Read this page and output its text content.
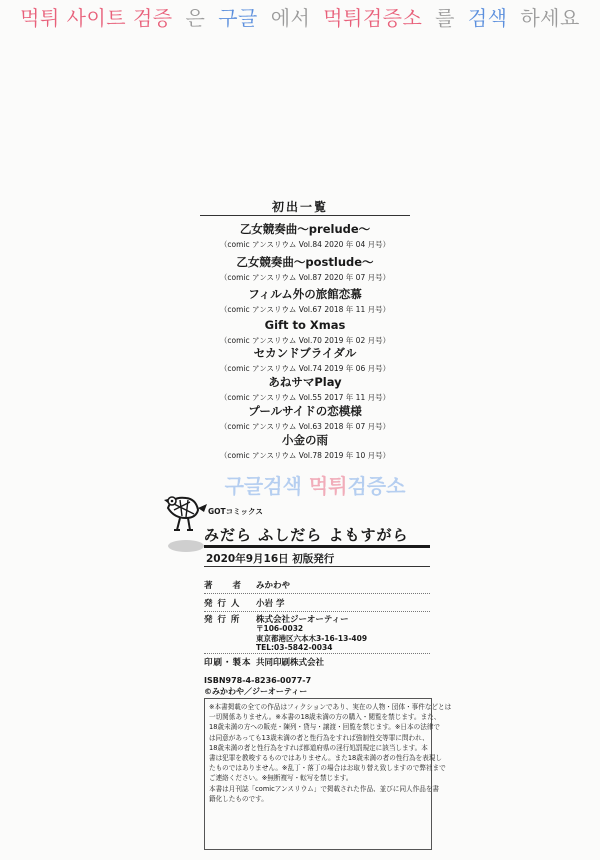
먹튀 사이트 검증 은 구글 에서 먹튀검증소 를 검색 하세요
初出一覧
乙女競奏曲～prelude～
（comic アンスリウム Vol.84 2020 年 04 月号）
乙女競奏曲～postlude～
（comic アンスリウム Vol.87 2020 年 07 月号）
フィルム外の旅館恋慕
（comic アンスリウム Vol.67 2018 年 11 月号）
Gift to Xmas
（comic アンスリウム Vol.70 2019 年 02 月号）
セカンドブライダル
（comic アンスリウム Vol.74 2019 年 06 月号）
あねサマPlay
（comic アンスリウム Vol.55 2017 年 11 月号）
プールサイドの恋模様
（comic アンスリウム Vol.63 2018 年 07 月号）
小金の雨
（comic アンスリウム Vol.78 2019 年 10 月号）
구글검색 먹튀검증소
GOTコミックス
みだら ふしだら よもすがら
2020年9月16日 初版発行
著　　者	みかわや
発 行 人	小岩 学
発 行 所	株式会社ジーオーティー
〒106-0032
東京都港区六本木3-16-13-409
TEL:03-5842-0034
印刷・製本 共同印刷株式会社
ISBN978-4-8236-0077-7
©みかわや／ジーオーティー
※本書掲載の全ての作品はフィクションであり、実在の人物・団体・事件などとは
一切関係ありません。※本書の18歳未満の方の購入・閲覧を禁じます。また、
18歳未満の方への販売・陳列・貸与・譲渡・回覧を禁じます。※日本の法律で
は同意があっても13歳未満の者と性行為をすれば強制性交等罪に問われ、
18歳未満の者と性行為をすれば都道府県の淫行処罰規定に該当します。本
書は犯罪を教唆するものではありません。また18歳未満の者の性行為を表現し
たものではありません。※乱丁・落丁の場合はお取り替え致しますので弊社まで
ご連絡ください。※無断複写・転写を禁じます。
本書は月刊誌「comicアンスリウム」で掲載された作品、並びに同人作品を書
籍化したものです。
